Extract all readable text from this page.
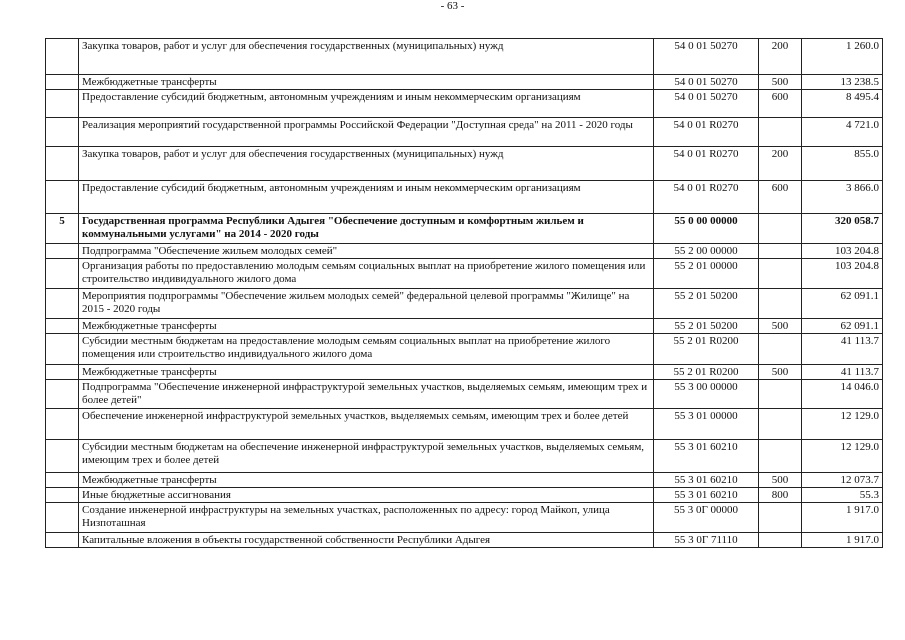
- 63 -
	Закупка товаров, работ и услуг для обеспечения государственных (муниципальных) нужд	54 0 01 50270	200	1 260.0
	Межбюджетные трансферты	54 0 01 50270	500	13 238.5
	Предоставление субсидий бюджетным, автономным учреждениям и иным некоммерческим организациям	54 0 01 50270	600	8 495.4
	Реализация мероприятий государственной программы Российской Федерации "Доступная среда" на 2011 - 2020 годы	54 0 01 R0270		4 721.0
	Закупка товаров, работ и услуг для обеспечения государственных (муниципальных) нужд	54 0 01 R0270	200	855.0
	Предоставление субсидий бюджетным, автономным учреждениям и иным некоммерческим организациям	54 0 01 R0270	600	3 866.0
5	Государственная программа Республики Адыгея "Обеспечение доступным и комфортным жильем и коммунальными услугами" на 2014 - 2020 годы	55 0 00 00000		320 058.7
	Подпрограмма "Обеспечение жильем молодых семей"	55 2 00 00000		103 204.8
	Организация работы по предоставлению молодым семьям социальных выплат на приобретение жилого помещения или строительство индивидуального жилого дома	55 2 01 00000		103 204.8
	Мероприятия подпрограммы "Обеспечение жильем молодых семей" федеральной целевой программы "Жилище" на 2015 - 2020 годы	55 2 01 50200		62 091.1
	Межбюджетные трансферты	55 2 01 50200	500	62 091.1
	Субсидии местным бюджетам на предоставление молодым семьям социальных выплат на приобретение жилого помещения или строительство индивидуального жилого дома	55 2 01 R0200		41 113.7
	Межбюджетные трансферты	55 2 01 R0200	500	41 113.7
	Подпрограмма "Обеспечение инженерной инфраструктурой земельных участков, выделяемых семьям, имеющим трех и более детей"	55 3 00 00000		14 046.0
	Обеспечение инженерной инфраструктурой земельных участков, выделяемых семьям, имеющим трех и более детей	55 3 01 00000		12 129.0
	Субсидии местным бюджетам на обеспечение инженерной инфраструктурой земельных участков, выделяемых семьям, имеющим трех и более детей	55 3 01 60210		12 129.0
	Межбюджетные трансферты	55 3 01 60210	500	12 073.7
	Иные бюджетные ассигнования	55 3 01 60210	800	55.3
	Создание инженерной инфраструктуры на земельных участках, расположенных по адресу: город Майкоп, улица Низпоташная	55 3 0Г 00000		1 917.0
	Капитальные вложения в объекты государственной собственности Республики Адыгея	55 3 0Г 71110		1 917.0
